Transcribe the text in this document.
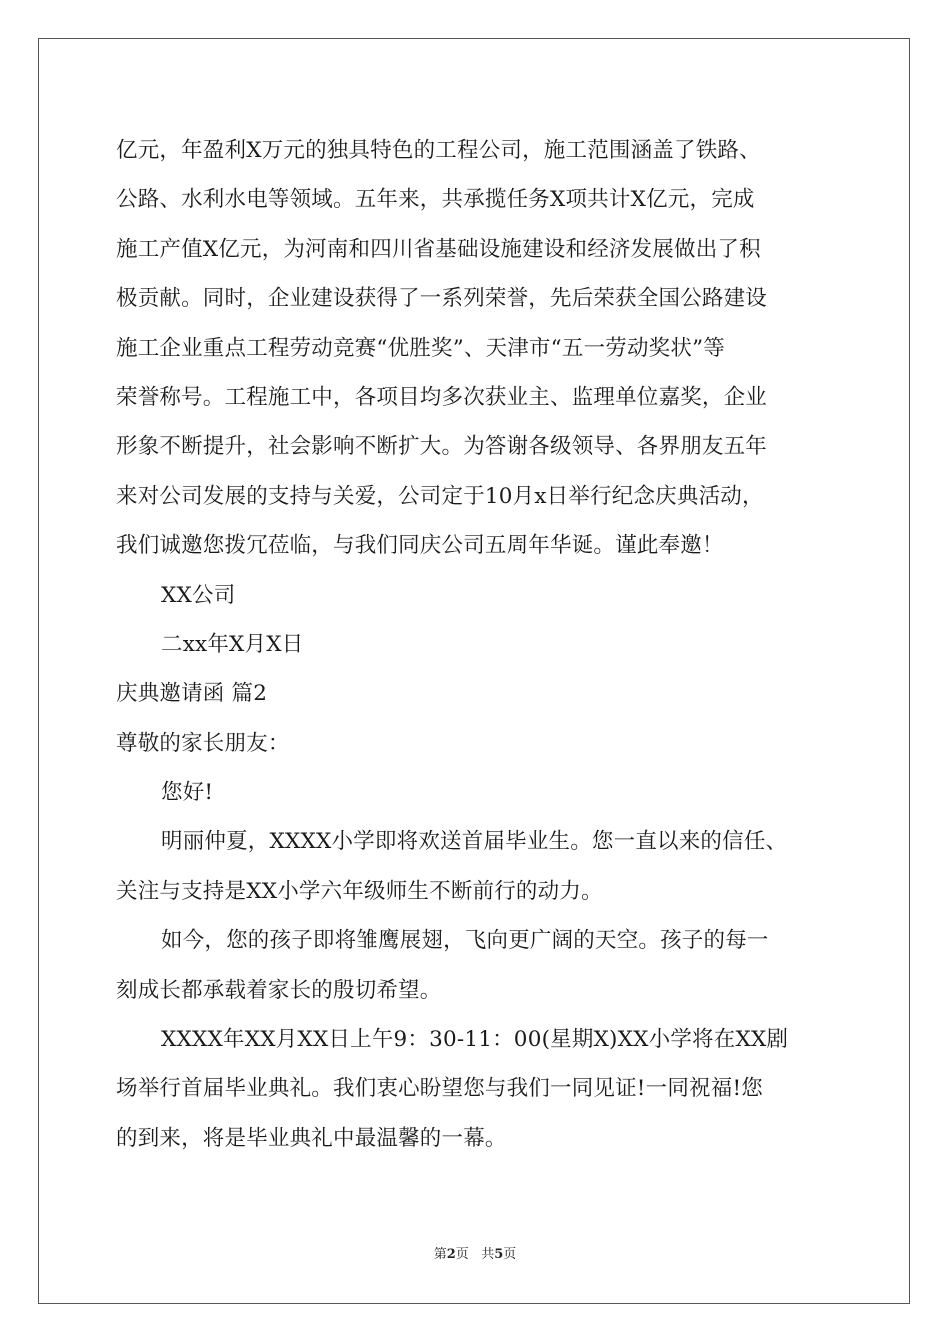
亿元，年盈利X万元的独具特色的工程公司，施工范围涵盖了铁路、
公路、水利水电等领域。五年来，共承揽任务X项共计X亿元，完成
施工产值X亿元，为河南和四川省基础设施建设和经济发展做出了积
极贡献。同时，企业建设获得了一系列荣誉，先后荣获全国公路建设
施工企业重点工程劳动竞赛“优胜奖”、天津市“五一劳动奖状”等
荣誉称号。工程施工中，各项目均多次获业主、监理单位嘉奖，企业
形象不断提升，社会影响不断扩大。为答谢各级领导、各界朋友五年
来对公司发展的支持与关爱，公司定于10月x日举行纪念庆典活动，
我们诚邀您拨冗莅临，与我们同庆公司五周年华诞。谨此奉邀！
XX公司
二xx年X月X日
庆典邀请函 篇2
尊敬的家长朋友：
您好!
明丽仲夏，XXXX小学即将欢送首届毕业生。您一直以来的信任、
关注与支持是XX小学六年级师生不断前行的动力。
如今，您的孩子即将雏鹰展翅，飞向更广阔的天空。孩子的每一
刻成长都承载着家长的殷切希望。
XXXX年XX月XX日上午9：30-11：00(星期X)XX小学将在XX剧
场举行首届毕业典礼。我们衷心盼望您与我们一同见证!一同祝福!您
的到来，将是毕业典礼中最温馨的一幕。
第2页 共5页
